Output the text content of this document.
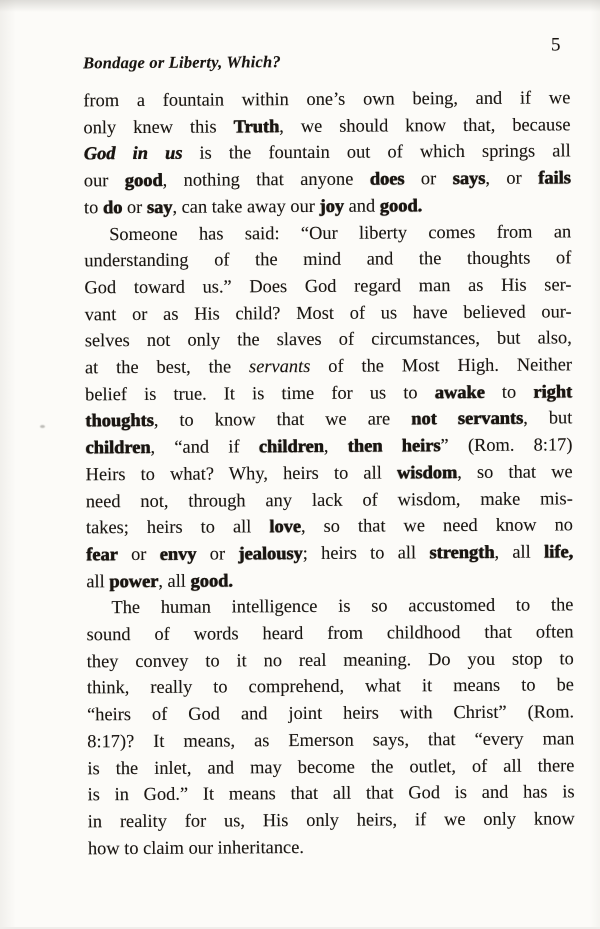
Bondage or Liberty, Which?
5
from a fountain within one’s own being, and if we
only knew this Truth, we should know that, because
God in us is the fountain out of which springs all
our good, nothing that anyone does or says, or fails
to do or say, can take away our joy and good.
Someone has said: “Our liberty comes from an
understanding of the mind and the thoughts of
God toward us.” Does God regard man as His ser-
vant or as His child? Most of us have believed our-
selves not only the slaves of circumstances, but also,
at the best, the servants of the Most High. Neither
belief is true. It is time for us to awake to right
thoughts, to know that we are not servants, but
children, “and if children, then heirs” (Rom. 8:17)
Heirs to what? Why, heirs to all wisdom, so that we
need not, through any lack of wisdom, make mis-
takes; heirs to all love, so that we need know no
fear or envy or jealousy; heirs to all strength, all life,
all power, all good.
The human intelligence is so accustomed to the
sound of words heard from childhood that often
they convey to it no real meaning. Do you stop to
think, really to comprehend, what it means to be
“heirs of God and joint heirs with Christ” (Rom.
8:17)? It means, as Emerson says, that “every man
is the inlet, and may become the outlet, of all there
is in God.” It means that all that God is and has is
in reality for us, His only heirs, if we only know
how to claim our inheritance.
